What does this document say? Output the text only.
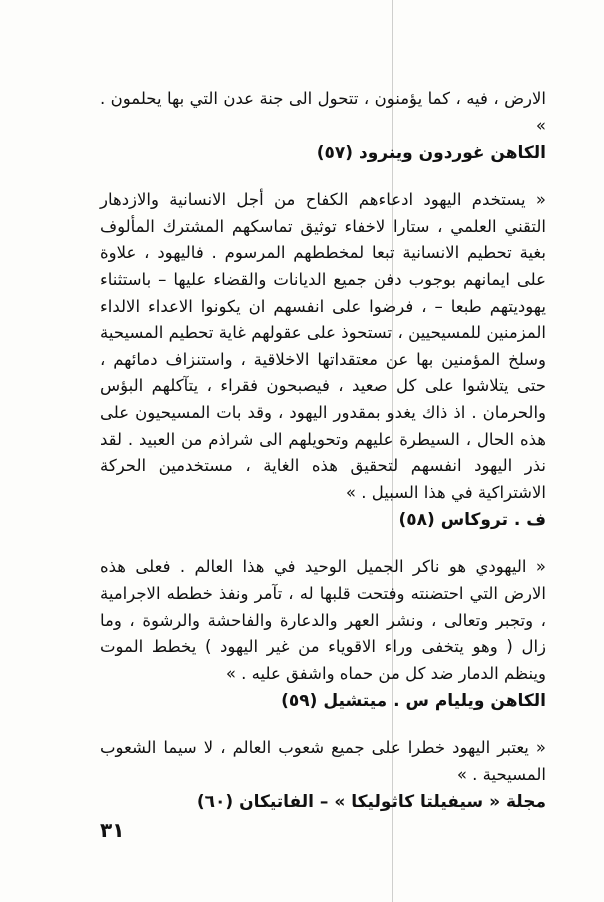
الارض ، فيه ، كما يؤمنون ، تتحول الى جنة عدن التي بها يحلمون . »

الكاهن غوردون وينرود (٥٧)

« يستخدم اليهود ادعاءهم الكفاح من أجل الانسانية والازدهار التقني العلمي ، ستارا لاخفاء توثيق تماسكهم المشترك المألوف بغية تحطيم الانسانية تبعا لمخططهم المرسوم . فاليهود ، علاوة على ايمانهم بوجوب دفن جميع الديانات والقضاء عليها – باستثناء يهوديتهم طبعا – ، فرضوا على انفسهم ان يكونوا الاعداء الالداء المزمنين للمسيحيين ، تستحوذ على عقولهم غاية تحطيم المسيحية وسلخ المؤمنين بها عن معتقداتها الاخلاقية ، واستنزاف دمائهم ، حتى يتلاشوا على كل صعيد ، فيصبحون فقراء ، يتآكلهم البؤس والحرمان . اذ ذاك يغدو بمقدور اليهود ، وقد بات المسيحيون على هذه الحال ، السيطرة عليهم وتحويلهم الى شراذم من العبيد . لقد نذر اليهود انفسهم لتحقيق هذه الغاية ، مستخدمين الحركة الاشتراكية في هذا السبيل . »

ف . تروكاس (٥٨)

« اليهودي هو ناكر الجميل الوحيد في هذا العالم . فعلى هذه الارض التي احتضنته وفتحت قلبها له ، تآمر ونفذ خططه الاجرامية ، وتجبر وتعالى ، ونشر العهر والدعارة والفاحشة والرشوة ، وما زال ( وهو يتخفى وراء الاقوياء من غير اليهود ) يخطط الموت وينظم الدمار ضد كل من حماه واشفق عليه . »

الكاهن ويليام س . ميتشيل (٥٩)

« يعتبر اليهود خطرا على جميع شعوب العالم ، لا سيما الشعوب المسيحية . »

مجلة « سيفيلتا كاثوليكا » – الفاتيكان (٦٠)

٣١
